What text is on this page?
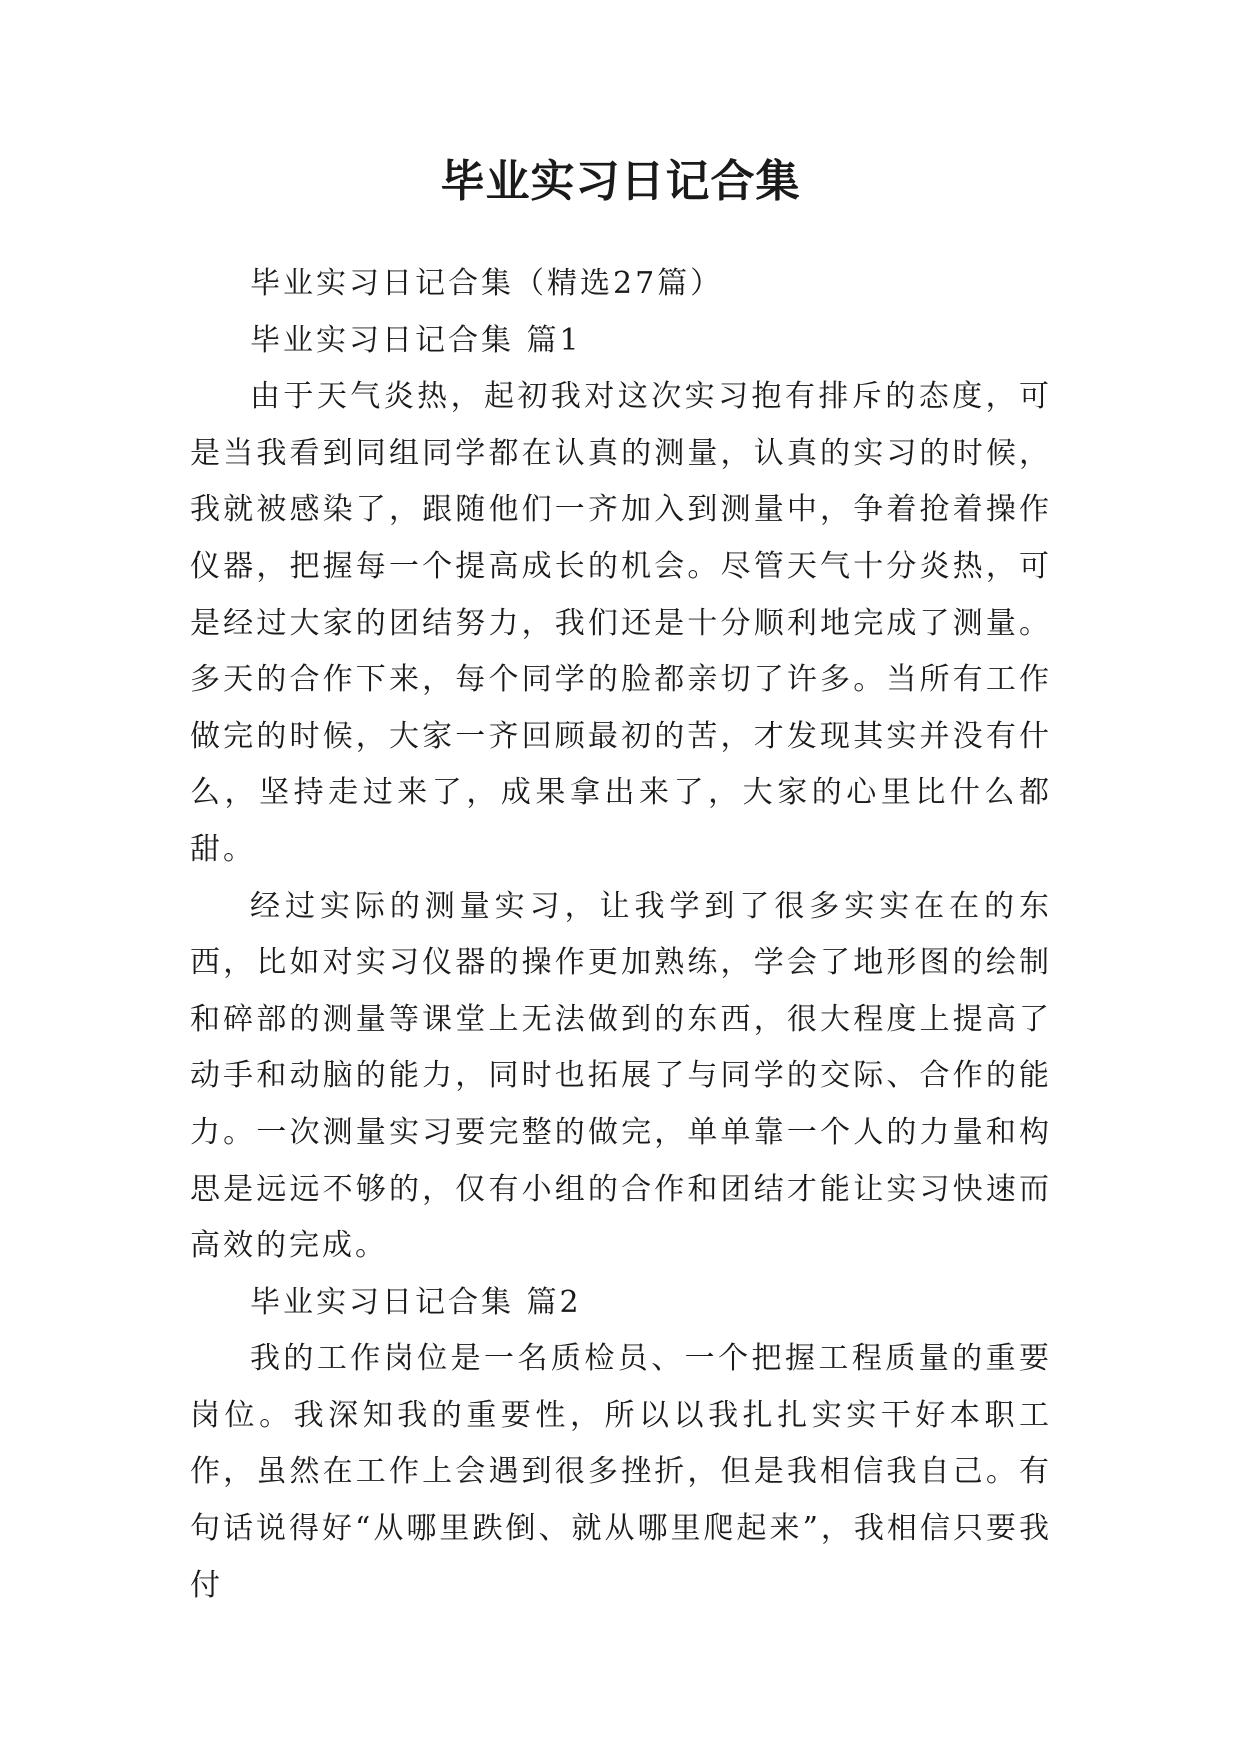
毕业实习日记合集

毕业实习日记合集（精选27篇）

毕业实习日记合集 篇1

由于天气炎热，起初我对这次实习抱有排斥的态度，可是当我看到同组同学都在认真的测量，认真的实习的时候，我就被感染了，跟随他们一齐加入到测量中，争着抢着操作仪器，把握每一个提高成长的机会。尽管天气十分炎热，可是经过大家的团结努力，我们还是十分顺利地完成了测量。多天的合作下来，每个同学的脸都亲切了许多。当所有工作做完的时候，大家一齐回顾最初的苦，才发现其实并没有什么，坚持走过来了，成果拿出来了，大家的心里比什么都甜。

经过实际的测量实习，让我学到了很多实实在在的东西，比如对实习仪器的操作更加熟练，学会了地形图的绘制和碎部的测量等课堂上无法做到的东西，很大程度上提高了动手和动脑的能力，同时也拓展了与同学的交际、合作的能力。一次测量实习要完整的做完，单单靠一个人的力量和构思是远远不够的，仅有小组的合作和团结才能让实习快速而高效的完成。

毕业实习日记合集 篇2

我的工作岗位是一名质检员、一个把握工程质量的重要岗位。我深知我的重要性，所以以我扎扎实实干好本职工作，虽然在工作上会遇到很多挫折，但是我相信我自己。有句话说得好“从哪里跌倒、就从哪里爬起来”，我相信只要我付
